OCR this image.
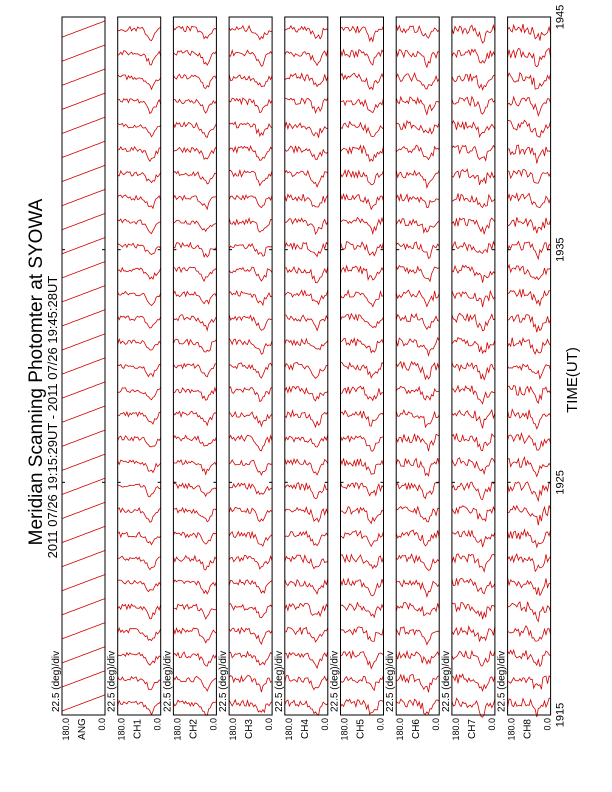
180.0	0.0
ANG
22.5 (deg)/div
180.0	0.0
CH1
22.5 (deg)/div
180.0	0.0
CH2
22.5 (deg)/div
180.0	0.0
CH3
22.5 (deg)/div
180.0	0.0
CH4
22.5 (deg)/div
180.0	0.0
CH5
22.5 (deg)/div
180.0	0.0
CH6
22.5 (deg)/div
180.0	0.0
CH7
22.5 (deg)/div
180.0	0.0
CH8
22.5 (deg)/div
1915
1925
1935
1945
Meridian Scanning Photomter at SYOWA
2011 07/26 19:15:29UT - 2011 07/26 19:45:28UT	TIME(UT)
